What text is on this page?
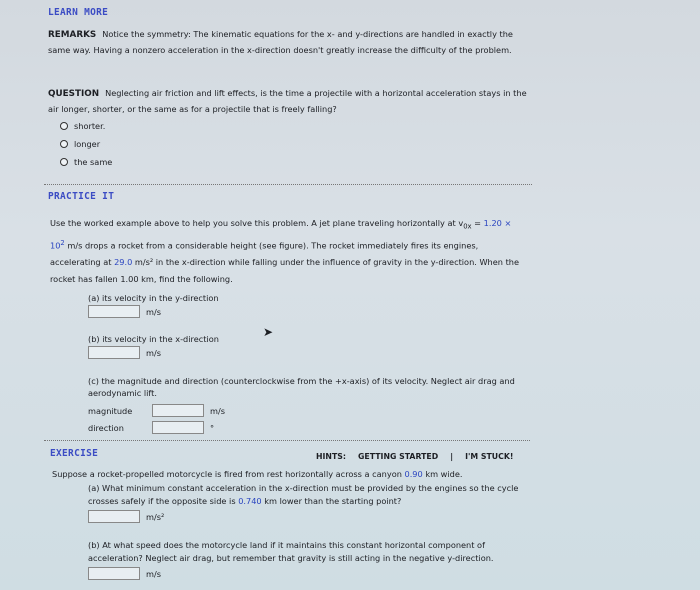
LEARN MORE

REMARKS Notice the symmetry: The kinematic equations for the x- and y-directions are handled in exactly the same way. Having a nonzero acceleration in the x-direction doesn't greatly increase the difficulty of the problem.

QUESTION Neglecting air friction and lift effects, is the time a projectile with a horizontal acceleration stays in the air longer, shorter, or the same as for a projectile that is freely falling?

shorter.
longer
the same
PRACTICE IT

Use the worked example above to help you solve this problem. A jet plane traveling horizontally at $v_{0x} = 1.20 \times 10^2$ m/s drops a rocket from a considerable height (see figure). The rocket immediately fires its engines, accelerating at 29.0 m/s² in the x-direction while falling under the influence of gravity in the y-direction. When the rocket has fallen 1.00 km, find the following.

(a) its velocity in the y-direction
m/s
(b) its velocity in the x-direction
m/s

(c) the magnitude and direction (counterclockwise from the +x-axis) of its velocity. Neglect air drag and aerodynamic lift.

magnitude	m/s
direction	°
➤
EXERCISE	HINTS: GETTING STARTED | I'M STUCK!

Suppose a rocket-propelled motorcycle is fired from rest horizontally across a canyon 0.90 km wide.

(a) What minimum constant acceleration in the x-direction must be provided by the engines so the cycle crosses safely if the opposite side is 0.740 km lower than the starting point?

m/s²

(b) At what speed does the motorcycle land if it maintains this constant horizontal component of acceleration? Neglect air drag, but remember that gravity is still acting in the negative y-direction.

m/s
